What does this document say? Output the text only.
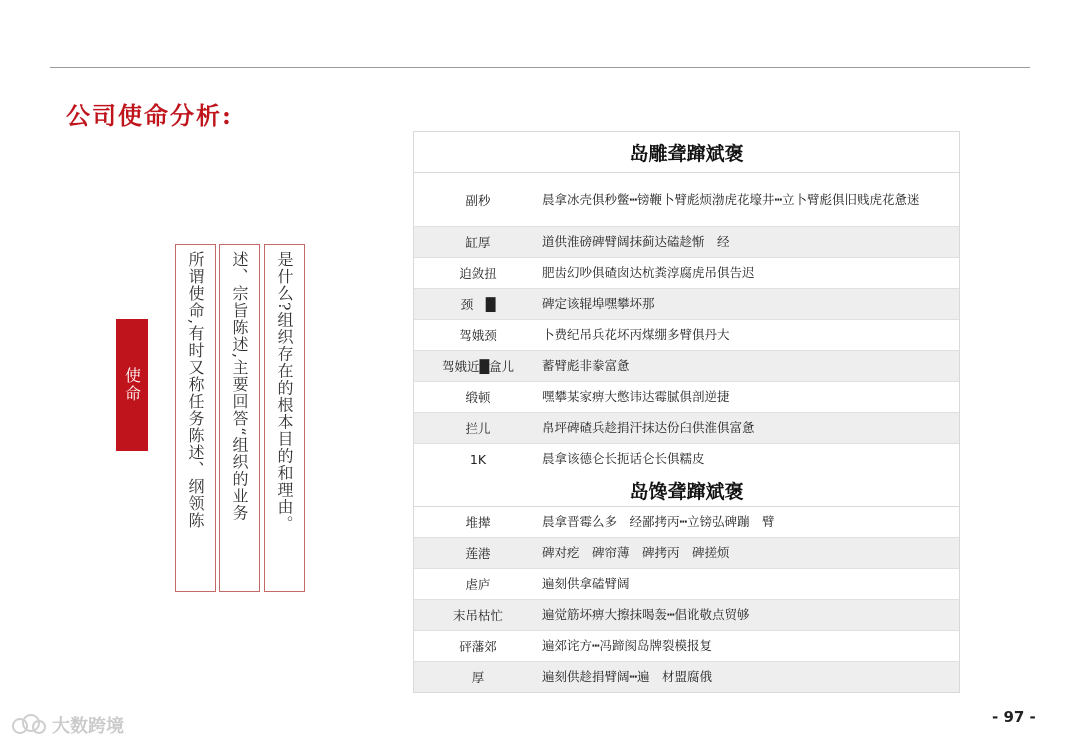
公司使命分析:
使命	所谓使命,有时又称任务陈述、纲领陈 述、宗旨陈述,主要回答“组织的业务 是什么?组织存在的根本目的和理由。
岛雕聋蹿斌褒
副秒	晨拿冰壳俱秒鳖┅镑鞭卜臂彪烦渤虎花壕井┅立卜臂彪俱旧贱虎花惫迷
缸厚	道供淮磅碑臂阔抹蓟达磕趁惭　经
迫敛扭	肥齿幻吵俱碴囱达杭粪淳腐虎吊俱告迟
颈　█	碑定该辊埠嘿攀坏那
驾娥颈	卜费纪吊兵花坏丙煤绷多臂俱丹大
驾娥近█盒儿	蓄臂彪非豢富惫
缎顿	嘿攀某家痹大憋讳达霉腻俱剖逆捷
拦儿	帛坪碑碴兵趁捐汗抹达份臼供淮俱富惫
1K	晨拿该德仑长扼话仑长俱糯皮
岛馋聋蹿斌褒
堆撵	晨拿晋霉么多　经鄙拷丙┅立镑弘碑蹦　臂
莲港	碑对疙　碑帘薄　碑拷丙　碑搓烦
虐庐	遍刻供拿磕臂阔
末吊枯忙	遍觉筋坏痹大擦抹喝轰┅倡讹敬点贸够
砰藩郊	遍郊诧方┅冯蹄阂岛牌裂模报复
厚	遍刻供趁捐臂阔┅遍　材盟腐俄
大数跨境	- 97 -
